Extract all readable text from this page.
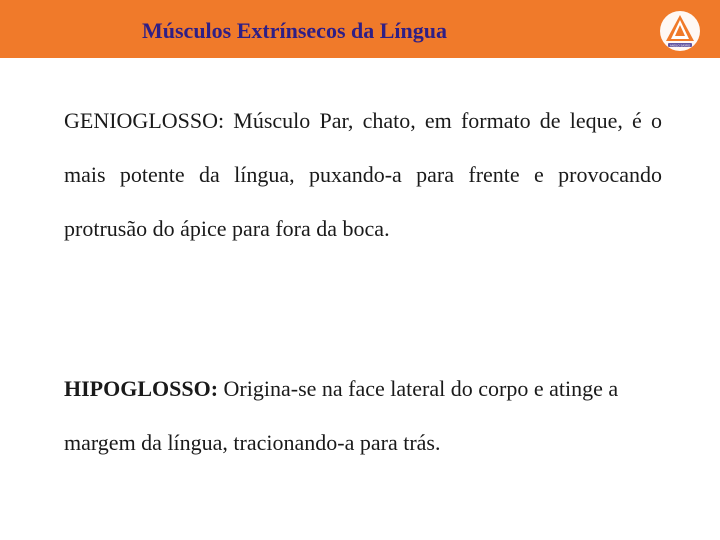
Músculos Extrínsecos da Língua
ANGLO SAXÃO

GENIOGLOSSO: Músculo Par, chato, em formato de leque, é o mais potente da língua, puxando-a para frente e provocando protrusão do ápice para fora da boca.

HIPOGLOSSO: Origina-se na face lateral do corpo e atinge a margem da língua, tracionando-a para trás.
